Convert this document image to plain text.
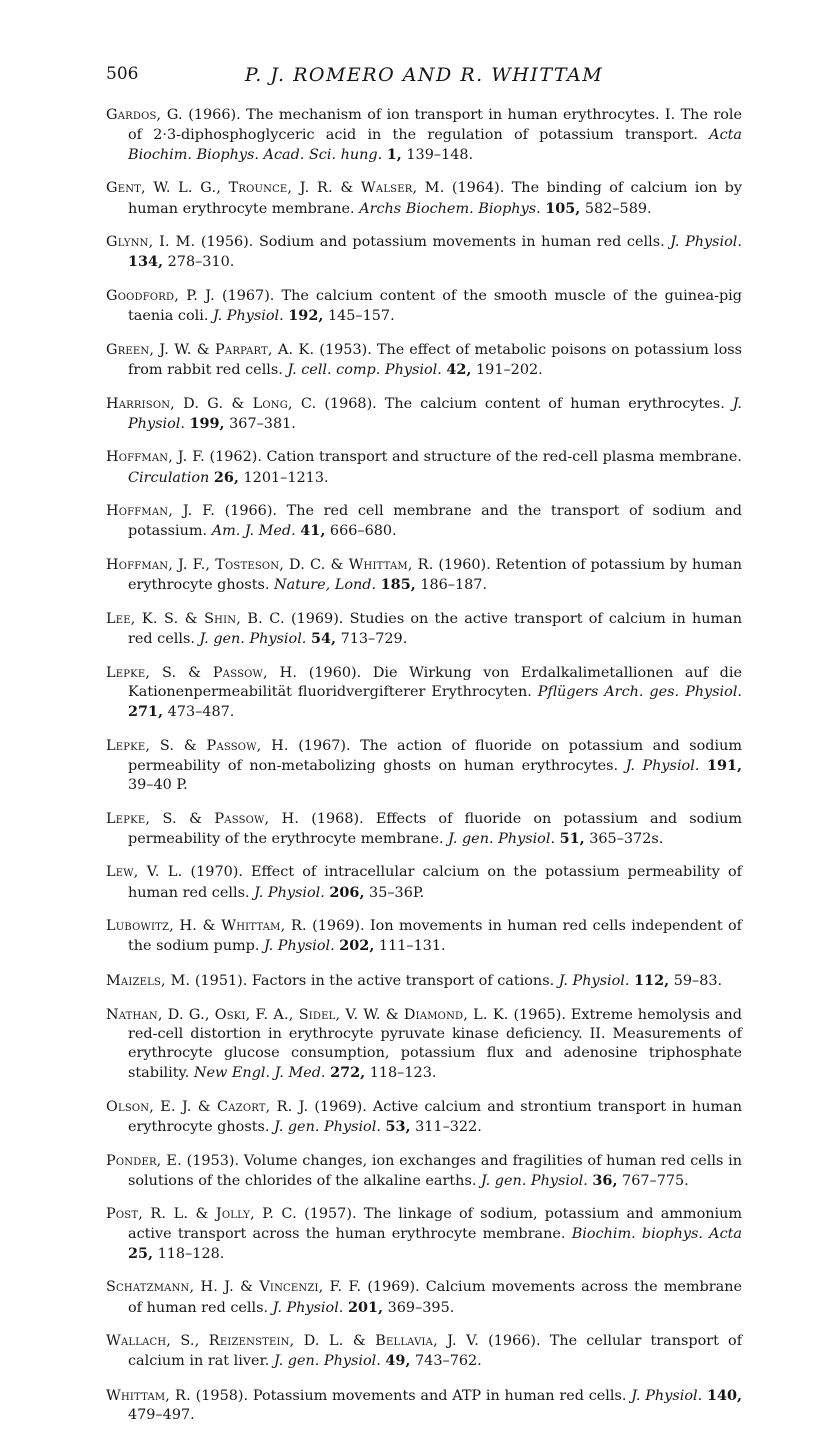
506	P. J. ROMERO AND R. WHITTAM

Gardos, G. (1966). The mechanism of ion transport in human erythrocytes. I. The role of 2·3-diphosphoglyceric acid in the regulation of potassium transport. Acta Biochim. Biophys. Acad. Sci. hung. 1, 139–148.

Gent, W. L. G., Trounce, J. R. & Walser, M. (1964). The binding of calcium ion by human erythrocyte membrane. Archs Biochem. Biophys. 105, 582–589.

Glynn, I. M. (1956). Sodium and potassium movements in human red cells. J. Physiol. 134, 278–310.

Goodford, P. J. (1967). The calcium content of the smooth muscle of the guinea-pig taenia coli. J. Physiol. 192, 145–157.

Green, J. W. & Parpart, A. K. (1953). The effect of metabolic poisons on potassium loss from rabbit red cells. J. cell. comp. Physiol. 42, 191–202.

Harrison, D. G. & Long, C. (1968). The calcium content of human erythrocytes. J. Physiol. 199, 367–381.

Hoffman, J. F. (1962). Cation transport and structure of the red-cell plasma membrane. Circulation 26, 1201–1213.

Hoffman, J. F. (1966). The red cell membrane and the transport of sodium and potassium. Am. J. Med. 41, 666–680.

Hoffman, J. F., Tosteson, D. C. & Whittam, R. (1960). Retention of potassium by human erythrocyte ghosts. Nature, Lond. 185, 186–187.

Lee, K. S. & Shin, B. C. (1969). Studies on the active transport of calcium in human red cells. J. gen. Physiol. 54, 713–729.

Lepke, S. & Passow, H. (1960). Die Wirkung von Erdalkalimetallionen auf die Kationenpermeabilität fluoridvergifterer Erythrocyten. Pflügers Arch. ges. Physiol. 271, 473–487.

Lepke, S. & Passow, H. (1967). The action of fluoride on potassium and sodium permeability of non-metabolizing ghosts on human erythrocytes. J. Physiol. 191, 39–40 P.

Lepke, S. & Passow, H. (1968). Effects of fluoride on potassium and sodium permeability of the erythrocyte membrane. J. gen. Physiol. 51, 365–372s.

Lew, V. L. (1970). Effect of intracellular calcium on the potassium permeability of human red cells. J. Physiol. 206, 35–36P.

Lubowitz, H. & Whittam, R. (1969). Ion movements in human red cells independent of the sodium pump. J. Physiol. 202, 111–131.

Maizels, M. (1951). Factors in the active transport of cations. J. Physiol. 112, 59–83.

Nathan, D. G., Oski, F. A., Sidel, V. W. & Diamond, L. K. (1965). Extreme hemolysis and red-cell distortion in erythrocyte pyruvate kinase deficiency. II. Measurements of erythrocyte glucose consumption, potassium flux and adenosine triphosphate stability. New Engl. J. Med. 272, 118–123.

Olson, E. J. & Cazort, R. J. (1969). Active calcium and strontium transport in human erythrocyte ghosts. J. gen. Physiol. 53, 311–322.

Ponder, E. (1953). Volume changes, ion exchanges and fragilities of human red cells in solutions of the chlorides of the alkaline earths. J. gen. Physiol. 36, 767–775.

Post, R. L. & Jolly, P. C. (1957). The linkage of sodium, potassium and ammonium active transport across the human erythrocyte membrane. Biochim. biophys. Acta 25, 118–128.

Schatzmann, H. J. & Vincenzi, F. F. (1969). Calcium movements across the membrane of human red cells. J. Physiol. 201, 369–395.

Wallach, S., Reizenstein, D. L. & Bellavia, J. V. (1966). The cellular transport of calcium in rat liver. J. gen. Physiol. 49, 743–762.

Whittam, R. (1958). Potassium movements and ATP in human red cells. J. Physiol. 140, 479–497.
